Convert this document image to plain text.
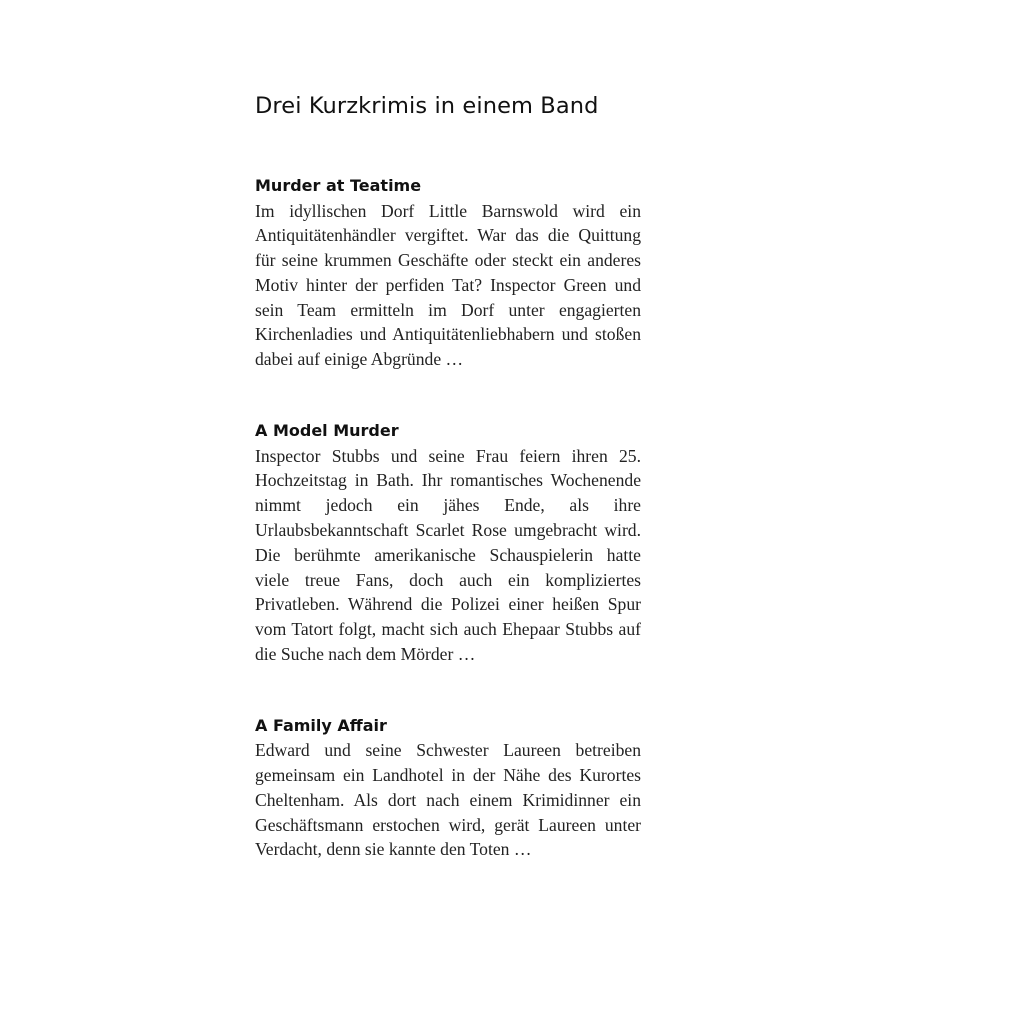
Drei Kurzkrimis in einem Band
Murder at Teatime

Im idyllischen Dorf Little Barnswold wird ein Antiquitätenhändler vergiftet. War das die Quittung für seine krummen Geschäfte oder steckt ein anderes Motiv hinter der perfiden Tat? Inspector Green und sein Team ermitteln im Dorf unter engagierten Kirchenladies und Antiquitätenliebhabern und stoßen dabei auf einige Abgründe …

A Model Murder

Inspector Stubbs und seine Frau feiern ihren 25. Hochzeitstag in Bath. Ihr romantisches Wochenende nimmt jedoch ein jähes Ende, als ihre Urlaubsbekanntschaft Scarlet Rose umgebracht wird. Die berühmte amerikanische Schauspielerin hatte viele treue Fans, doch auch ein kompliziertes Privatleben. Während die Polizei einer heißen Spur vom Tatort folgt, macht sich auch Ehepaar Stubbs auf die Suche nach dem Mörder …

A Family Affair

Edward und seine Schwester Laureen betreiben gemeinsam ein Landhotel in der Nähe des Kurortes Cheltenham. Als dort nach einem Krimidinner ein Geschäftsmann erstochen wird, gerät Laureen unter Verdacht, denn sie kannte den Toten …
